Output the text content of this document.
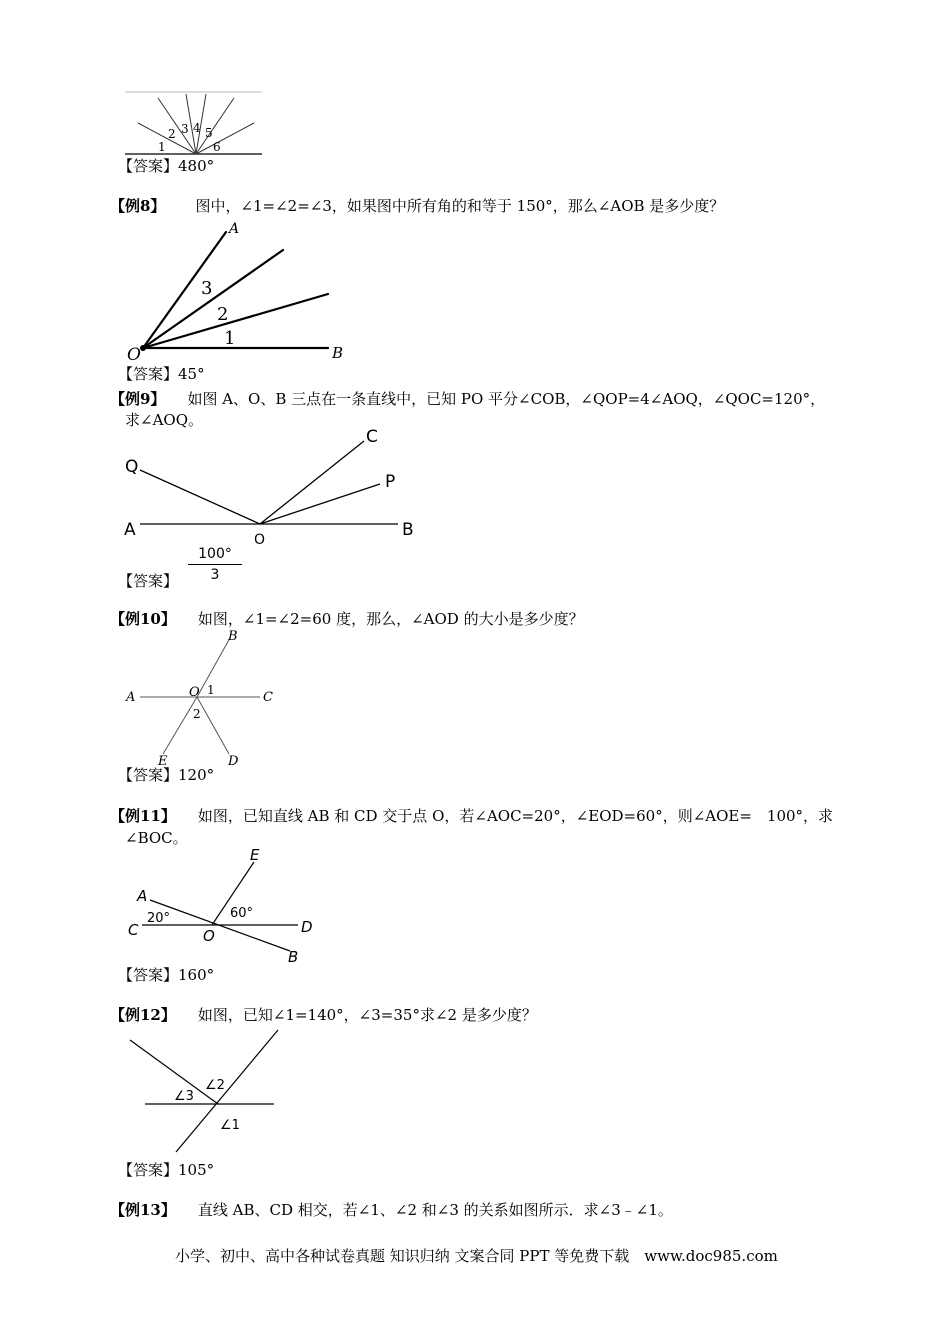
1
2 3 4 5
6
【答案】480°
【例8】 图中，∠1=∠2=∠3，如果图中所有角的和等于 150°，那么∠AOB 是多少度？
A
B
O
3
2
1
【答案】45°
【例9】 如图 A、O、B 三点在一条直线中，已知 PO 平分∠COB，∠QOP=4∠AOQ，∠QOC=120°，
求∠AOQ。
Q
A	O	B
C
P
【答案】
100°
3
【例10】 如图，∠1=∠2=60 度，那么，∠AOD 的大小是多少度？
A
B
C
D
E
O 1
2
【答案】120°
【例11】 如图，已知直线 AB 和 CD 交于点 O，若∠AOC=20°，∠EOD=60°，则∠AOE=　100°，求
∠BOC。
A
C	D
E
B
O
20°	60°
【答案】160°
【例12】 如图，已知∠1=140°，∠3=35°求∠2 是多少度？
∠2
∠3
∠1
【答案】105°
【例13】 直线 AB、CD 相交，若∠1、∠2 和∠3 的关系如图所示．求∠3﹣∠1。
小学、初中、高中各种试卷真题 知识归纳 文案合同 PPT 等免费下载　www.doc985.com
